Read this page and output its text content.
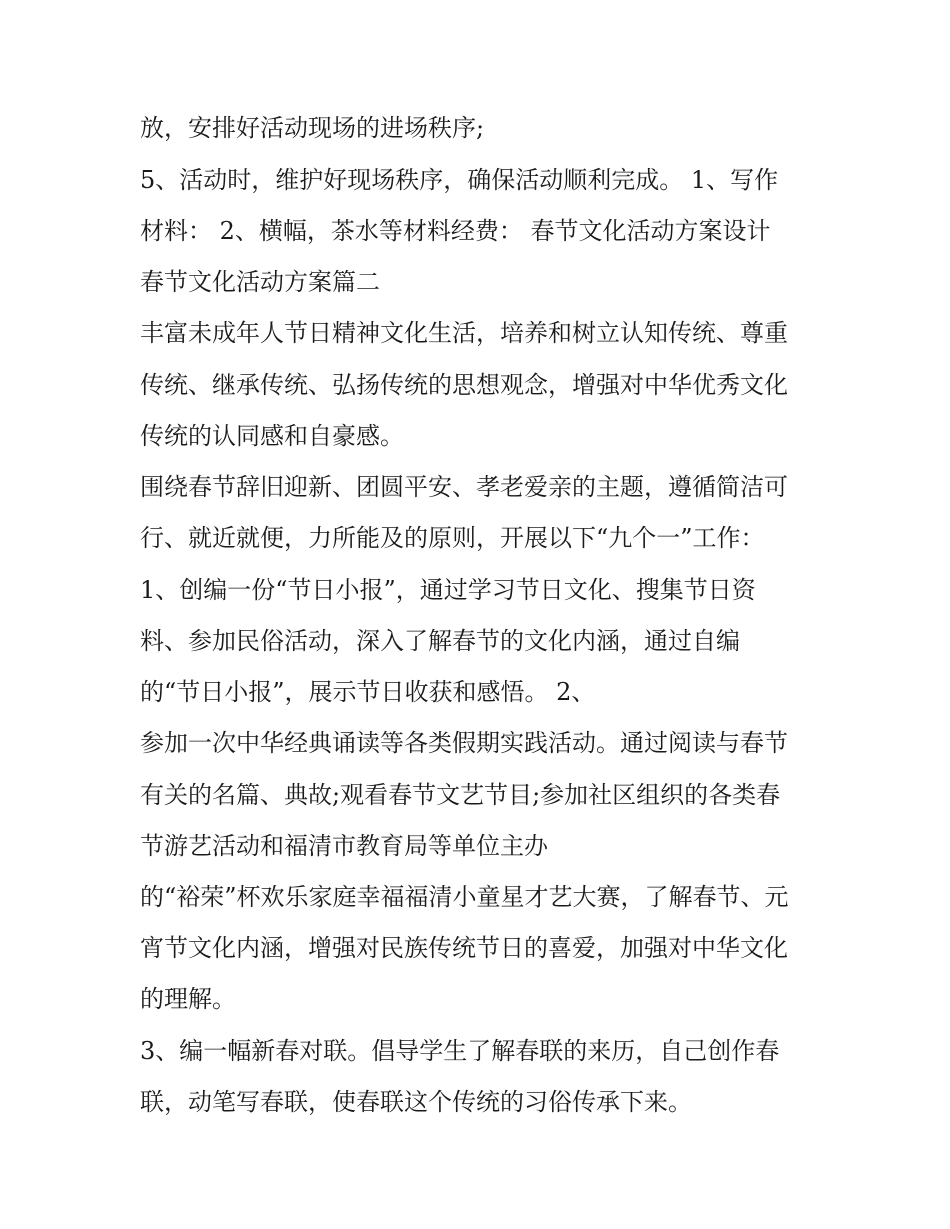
放，安排好活动现场的进场秩序;
5、活动时，维护好现场秩序，确保活动顺利完成。 1、写作
材料： 2、横幅，茶水等材料经费： 春节文化活动方案设计
春节文化活动方案篇二
丰富未成年人节日精神文化生活，培养和树立认知传统、尊重
传统、继承传统、弘扬传统的思想观念，增强对中华优秀文化
传统的认同感和自豪感。
围绕春节辞旧迎新、团圆平安、孝老爱亲的主题，遵循简洁可
行、就近就便，力所能及的原则，开展以下“九个一”工作：
1、创编一份“节日小报”，通过学习节日文化、搜集节日资
料、参加民俗活动，深入了解春节的文化内涵，通过自编
的“节日小报”，展示节日收获和感悟。 2、
参加一次中华经典诵读等各类假期实践活动。通过阅读与春节
有关的名篇、典故;观看春节文艺节目;参加社区组织的各类春
节游艺活动和福清市教育局等单位主办
的“裕荣”杯欢乐家庭幸福福清小童星才艺大赛，了解春节、元
宵节文化内涵，增强对民族传统节日的喜爱，加强对中华文化
的理解。
3、编一幅新春对联。倡导学生了解春联的来历，自己创作春
联，动笔写春联，使春联这个传统的习俗传承下来。
